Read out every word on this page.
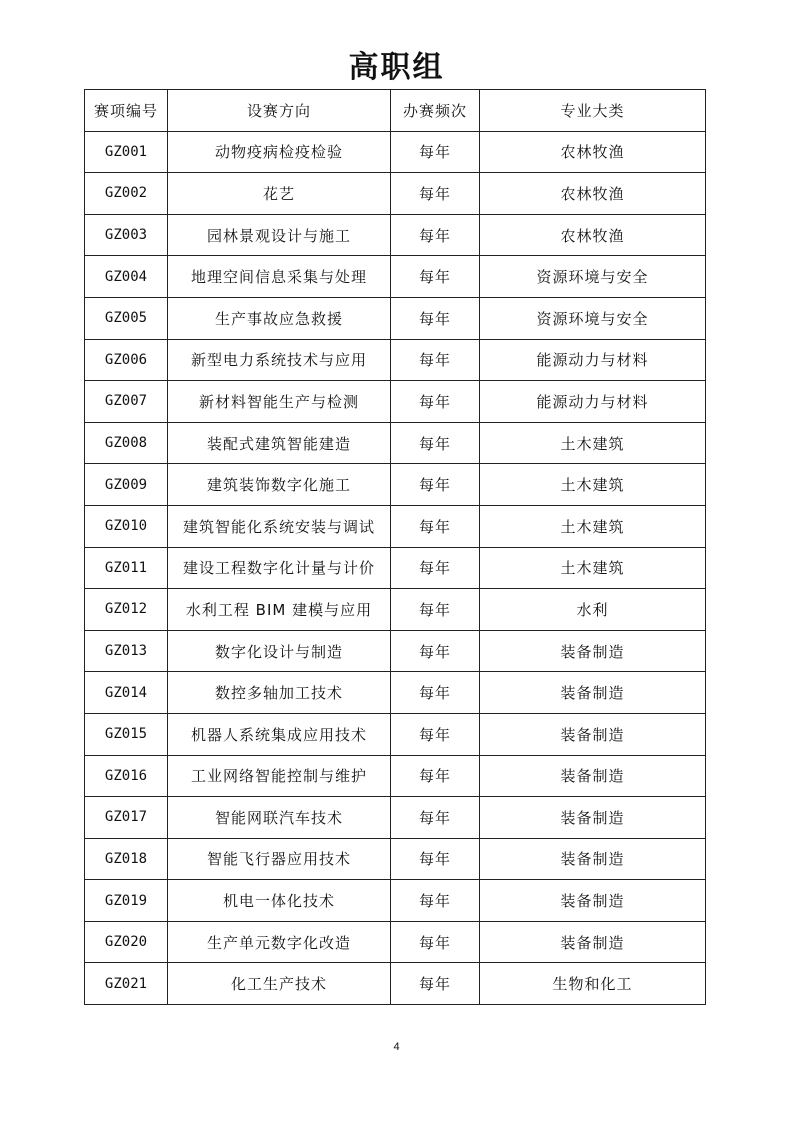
高职组
赛项编号	设赛方向	办赛频次	专业大类
GZ001	动物疫病检疫检验	每年	农林牧渔
GZ002	花艺	每年	农林牧渔
GZ003	园林景观设计与施工	每年	农林牧渔
GZ004	地理空间信息采集与处理	每年	资源环境与安全
GZ005	生产事故应急救援	每年	资源环境与安全
GZ006	新型电力系统技术与应用	每年	能源动力与材料
GZ007	新材料智能生产与检测	每年	能源动力与材料
GZ008	装配式建筑智能建造	每年	土木建筑
GZ009	建筑装饰数字化施工	每年	土木建筑
GZ010	建筑智能化系统安装与调试	每年	土木建筑
GZ011	建设工程数字化计量与计价	每年	土木建筑
GZ012	水利工程 BIM 建模与应用	每年	水利
GZ013	数字化设计与制造	每年	装备制造
GZ014	数控多轴加工技术	每年	装备制造
GZ015	机器人系统集成应用技术	每年	装备制造
GZ016	工业网络智能控制与维护	每年	装备制造
GZ017	智能网联汽车技术	每年	装备制造
GZ018	智能飞行器应用技术	每年	装备制造
GZ019	机电一体化技术	每年	装备制造
GZ020	生产单元数字化改造	每年	装备制造
GZ021	化工生产技术	每年	生物和化工
4
